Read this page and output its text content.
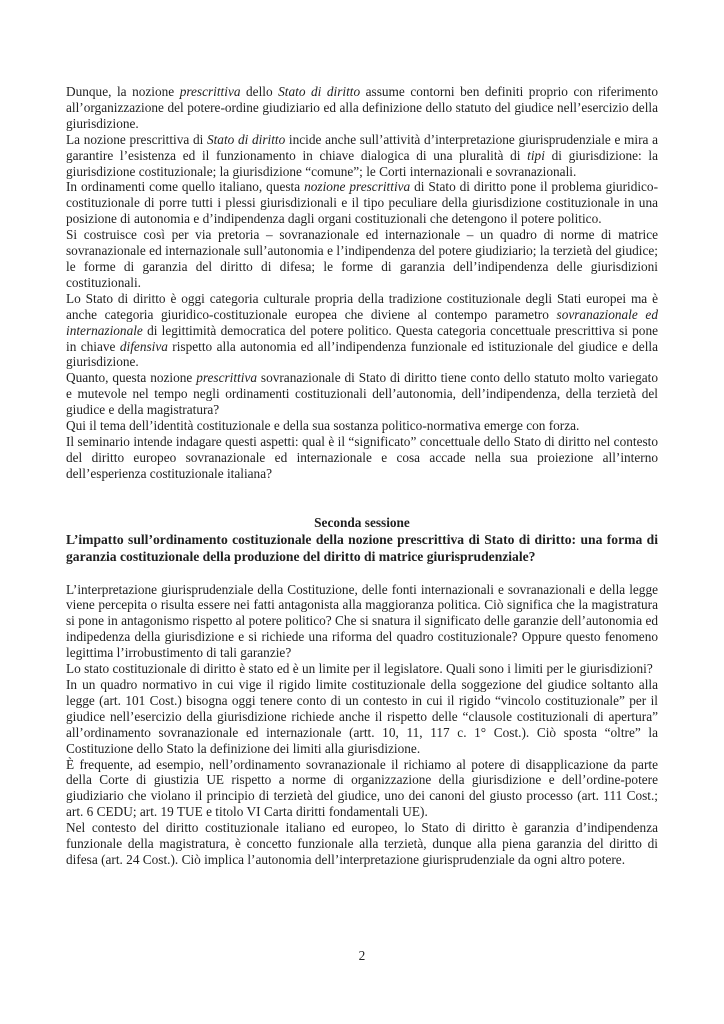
Dunque, la nozione prescrittiva dello Stato di diritto assume contorni ben definiti proprio con riferimento all’organizzazione del potere-ordine giudiziario ed alla definizione dello statuto del giudice nell’esercizio della giurisdizione.

La nozione prescrittiva di Stato di diritto incide anche sull’attività d’interpretazione giurisprudenziale e mira a garantire l’esistenza ed il funzionamento in chiave dialogica di una pluralità di tipi di giurisdizione: la giurisdizione costituzionale; la giurisdizione “comune”; le Corti internazionali e sovranazionali.

In ordinamenti come quello italiano, questa nozione prescrittiva di Stato di diritto pone il problema giuridico-costituzionale di porre tutti i plessi giurisdizionali e il tipo peculiare della giurisdizione costituzionale in una posizione di autonomia e d’indipendenza dagli organi costituzionali che detengono il potere politico.

Si costruisce così per via pretoria – sovranazionale ed internazionale – un quadro di norme di matrice sovranazionale ed internazionale sull’autonomia e l’indipendenza del potere giudiziario; la terzietà del giudice; le forme di garanzia del diritto di difesa; le forme di garanzia dell’indipendenza delle giurisdizioni costituzionali.

Lo Stato di diritto è oggi categoria culturale propria della tradizione costituzionale degli Stati europei ma è anche categoria giuridico-costituzionale europea che diviene al contempo parametro sovranazionale ed internazionale di legittimità democratica del potere politico. Questa categoria concettuale prescrittiva si pone in chiave difensiva rispetto alla autonomia ed all’indipendenza funzionale ed istituzionale del giudice e della giurisdizione.

Quanto, questa nozione prescrittiva sovranazionale di Stato di diritto tiene conto dello statuto molto variegato e mutevole nel tempo negli ordinamenti costituzionali dell’autonomia, dell’indipendenza, della terzietà del giudice e della magistratura?

Qui il tema dell’identità costituzionale e della sua sostanza politico-normativa emerge con forza.

Il seminario intende indagare questi aspetti: qual è il “significato” concettuale dello Stato di diritto nel contesto del diritto europeo sovranazionale ed internazionale e cosa accade nella sua proiezione all’interno dell’esperienza costituzionale italiana?

Seconda sessione

L’impatto sull’ordinamento costituzionale della nozione prescrittiva di Stato di diritto: una forma di garanzia costituzionale della produzione del diritto di matrice giurisprudenziale?

L’interpretazione giurisprudenziale della Costituzione, delle fonti internazionali e sovranazionali e della legge viene percepita o risulta essere nei fatti antagonista alla maggioranza politica. Ciò significa che la magistratura si pone in antagonismo rispetto al potere politico? Che si snatura il significato delle garanzie dell’autonomia ed indipedenza della giurisdizione e si richiede una riforma del quadro costituzionale? Oppure questo fenomeno legittima l’irrobustimento di tali garanzie?

Lo stato costituzionale di diritto è stato ed è un limite per il legislatore. Quali sono i limiti per le giurisdizioni?

In un quadro normativo in cui vige il rigido limite costituzionale della soggezione del giudice soltanto alla legge (art. 101 Cost.) bisogna oggi tenere conto di un contesto in cui il rigido “vincolo costituzionale” per il giudice nell’esercizio della giurisdizione richiede anche il rispetto delle “clausole costituzionali di apertura” all’ordinamento sovranazionale ed internazionale (artt. 10, 11, 117 c. 1° Cost.). Ciò sposta “oltre” la Costituzione dello Stato la definizione dei limiti alla giurisdizione.

È frequente, ad esempio, nell’ordinamento sovranazionale il richiamo al potere di disapplicazione da parte della Corte di giustizia UE rispetto a norme di organizzazione della giurisdizione e dell’ordine-potere giudiziario che violano il principio di terzietà del giudice, uno dei canoni del giusto processo (art. 111 Cost.; art. 6 CEDU; art. 19 TUE e titolo VI Carta diritti fondamentali UE).

Nel contesto del diritto costituzionale italiano ed europeo, lo Stato di diritto è garanzia d’indipendenza funzionale della magistratura, è concetto funzionale alla terzietà, dunque alla piena garanzia del diritto di difesa (art. 24 Cost.). Ciò implica l’autonomia dell’interpretazione giurisprudenziale da ogni altro potere.

2
